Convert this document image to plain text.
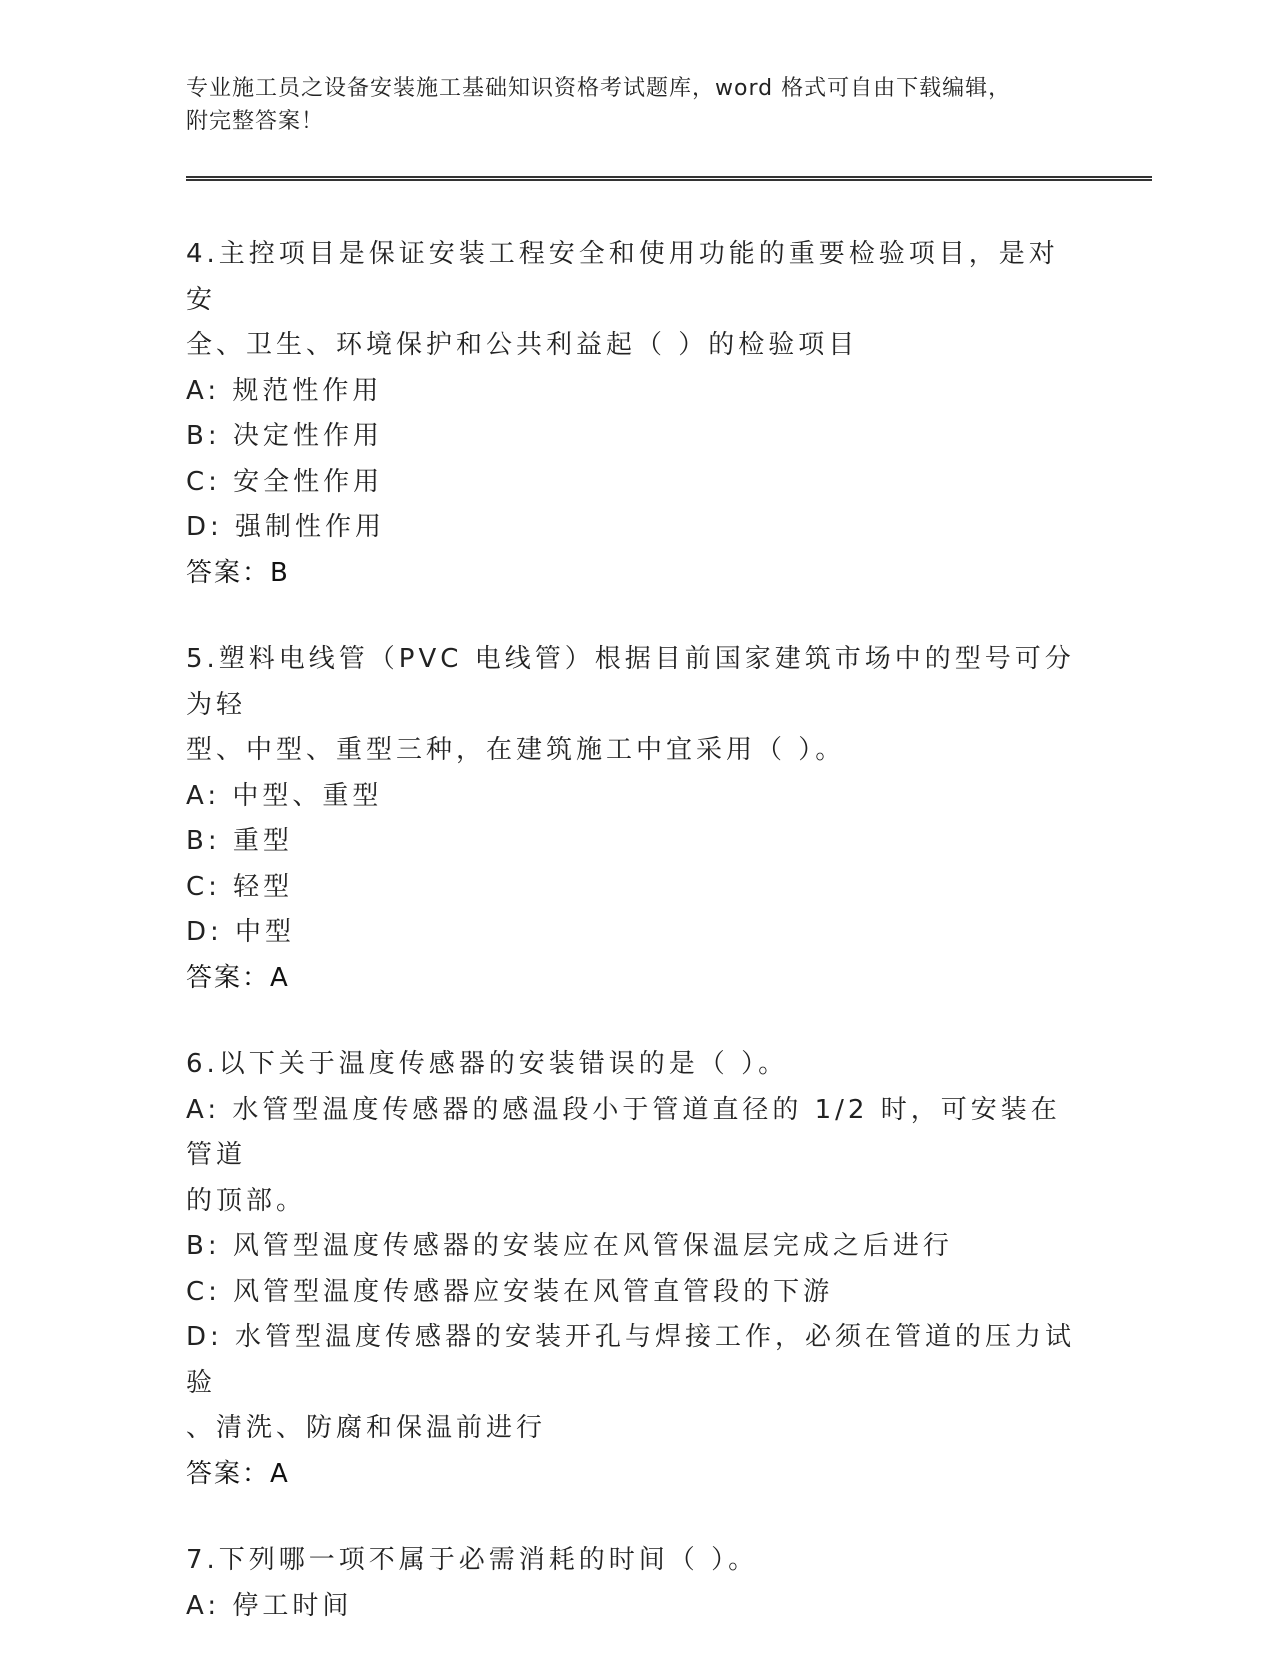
专业施工员之设备安装施工基础知识资格考试题库，word 格式可自由下载编辑，
附完整答案！
4.主控项目是保证安装工程安全和使用功能的重要检验项目，是对安
全、卫生、环境保护和公共利益起（ ）的检验项目
A: 规范性作用
B: 决定性作用
C: 安全性作用
D: 强制性作用
答案：B
5.塑料电线管（PVC 电线管）根据目前国家建筑市场中的型号可分为轻
型、中型、重型三种，在建筑施工中宜采用（ ）。
A: 中型、重型
B: 重型
C: 轻型
D: 中型
答案：A
6.以下关于温度传感器的安装错误的是（ ）。
A: 水管型温度传感器的感温段小于管道直径的 1/2 时，可安装在管道
的顶部。
B: 风管型温度传感器的安装应在风管保温层完成之后进行
C: 风管型温度传感器应安装在风管直管段的下游
D: 水管型温度传感器的安装开孔与焊接工作，必须在管道的压力试验
、清洗、防腐和保温前进行
答案：A
7.下列哪一项不属于必需消耗的时间（ ）。
A: 停工时间
